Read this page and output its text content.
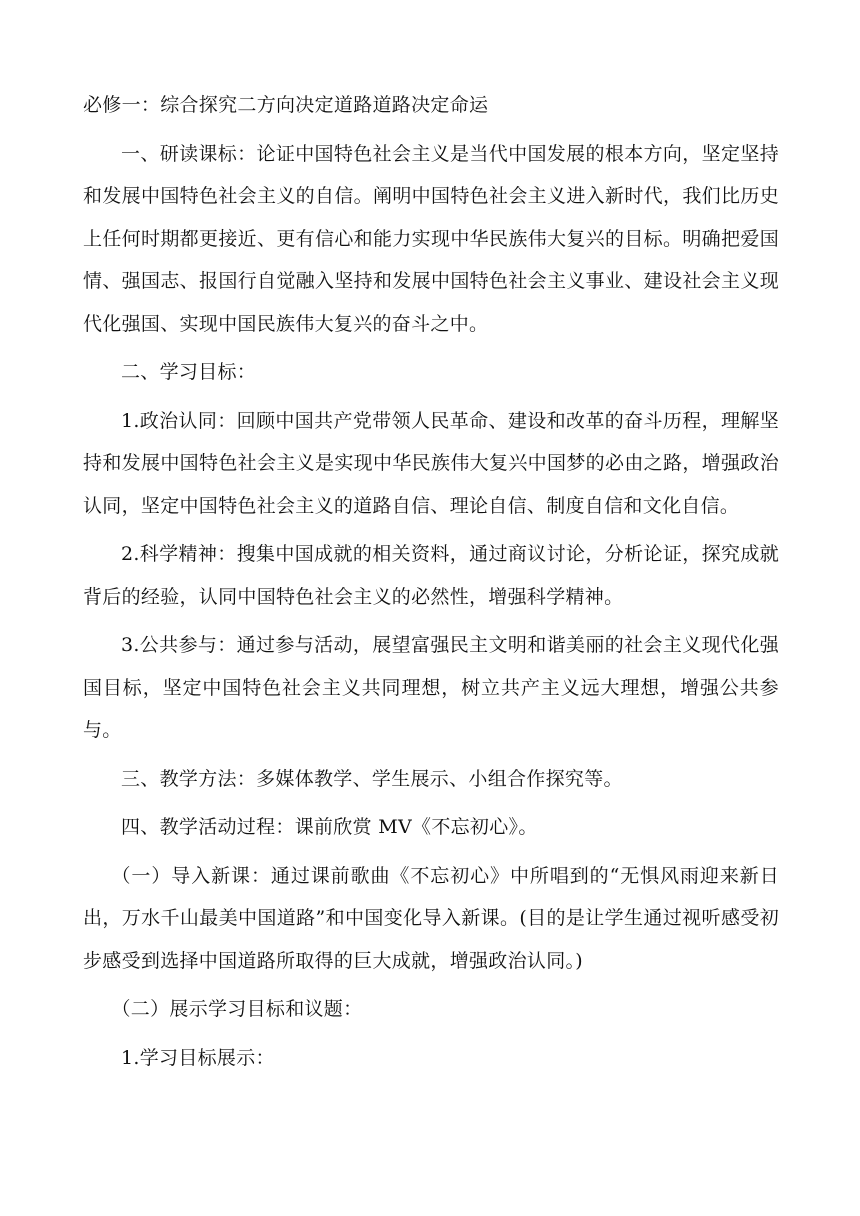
必修一：综合探究二方向决定道路道路决定命运

一、研读课标：论证中国特色社会主义是当代中国发展的根本方向，坚定坚持和发展中国特色社会主义的自信。阐明中国特色社会主义进入新时代，我们比历史上任何时期都更接近、更有信心和能力实现中华民族伟大复兴的目标。明确把爱国情、强国志、报国行自觉融入坚持和发展中国特色社会主义事业、建设社会主义现代化强国、实现中国民族伟大复兴的奋斗之中。

二、学习目标：

1.政治认同：回顾中国共产党带领人民革命、建设和改革的奋斗历程，理解坚持和发展中国特色社会主义是实现中华民族伟大复兴中国梦的必由之路，增强政治认同，坚定中国特色社会主义的道路自信、理论自信、制度自信和文化自信。

2.科学精神：搜集中国成就的相关资料，通过商议讨论，分析论证，探究成就背后的经验，认同中国特色社会主义的必然性，增强科学精神。

3.公共参与：通过参与活动，展望富强民主文明和谐美丽的社会主义现代化强国目标，坚定中国特色社会主义共同理想，树立共产主义远大理想，增强公共参与。

三、教学方法：多媒体教学、学生展示、小组合作探究等。

四、教学活动过程：课前欣赏 MV《不忘初心》。

（一）导入新课：通过课前歌曲《不忘初心》中所唱到的“无惧风雨迎来新日出，万水千山最美中国道路”和中国变化导入新课。(目的是让学生通过视听感受初步感受到选择中国道路所取得的巨大成就，增强政治认同。)

（二）展示学习目标和议题：

1.学习目标展示：
